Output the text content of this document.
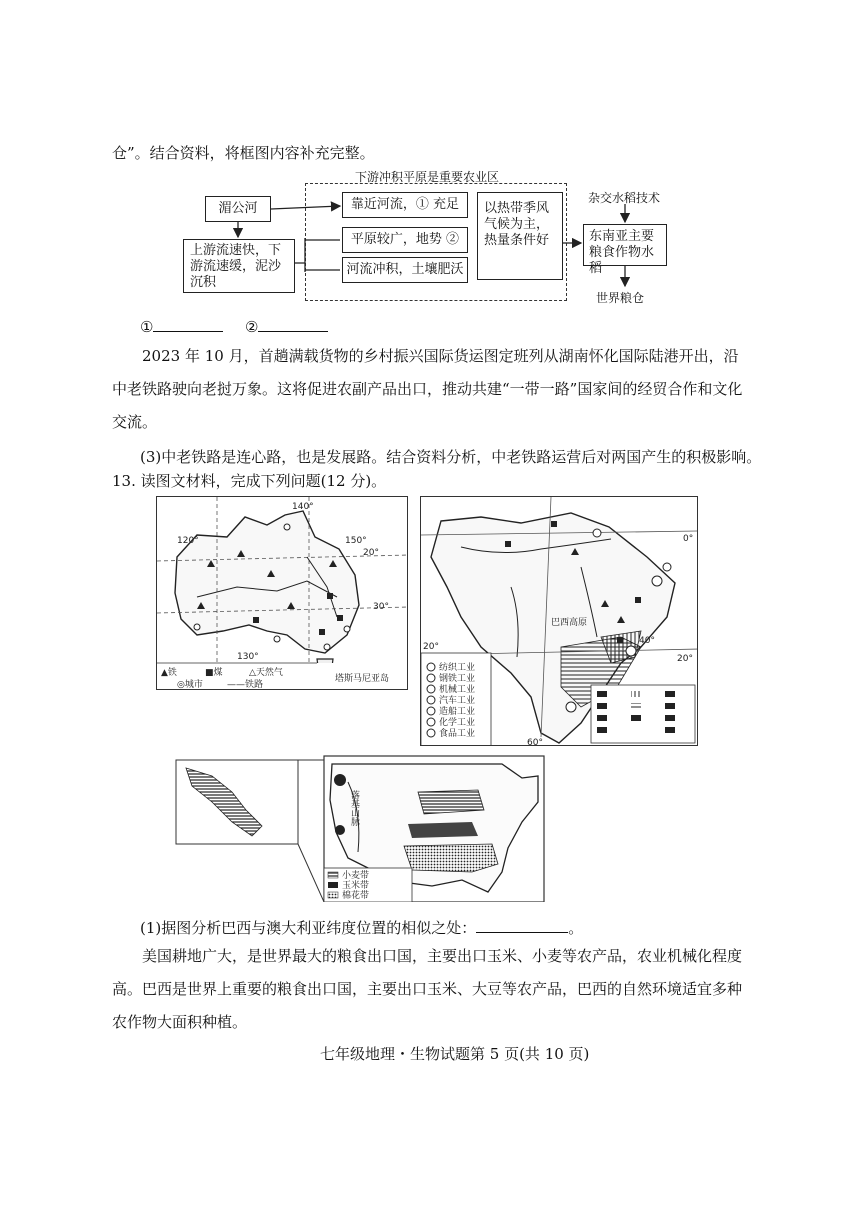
仓”。结合资料，将框图内容补充完整。
下游冲积平原是重要农业区
湄公河
上游流速快，下游流速缓，泥沙沉积
靠近河流，① 充足
平原较广，地势 ②
河流冲积，土壤肥沃
以热带季风气候为主，热量条件好
杂交水稻技术
东南亚主要粮食作物水稻
世界粮仓
①	②
2023 年 10 月，首趟满载货物的乡村振兴国际货运图定班列从湖南怀化国际陆港开出，沿中老铁路驶向老挝万象。这将促进农副产品出口，推动共建“一带一路”国家间的经贸合作和文化交流。
(3)中老铁路是连心路，也是发展路。结合资料分析，中老铁路运营后对两国产生的积极影响。
13. 读图文材料，完成下列问题(12 分)。
140°
120°	150°
130°
20°
30°
▲铁	■煤	△天然气
◎城市	——铁路
塔斯马尼亚岛
纺织工业
钢铁工业
机械工业
汽车工业
造船工业
化学工业
食品工业
0°
20°
20°
40°
60°
巴西高原
落基山脉
小麦带
玉米带
棉花带
(1)据图分析巴西与澳大利亚纬度位置的相似之处：	。
美国耕地广大，是世界最大的粮食出口国，主要出口玉米、小麦等农产品，农业机械化程度高。巴西是世界上重要的粮食出口国，主要出口玉米、大豆等农产品，巴西的自然环境适宜多种农作物大面积种植。
七年级地理・生物试题第 5 页(共 10 页)
